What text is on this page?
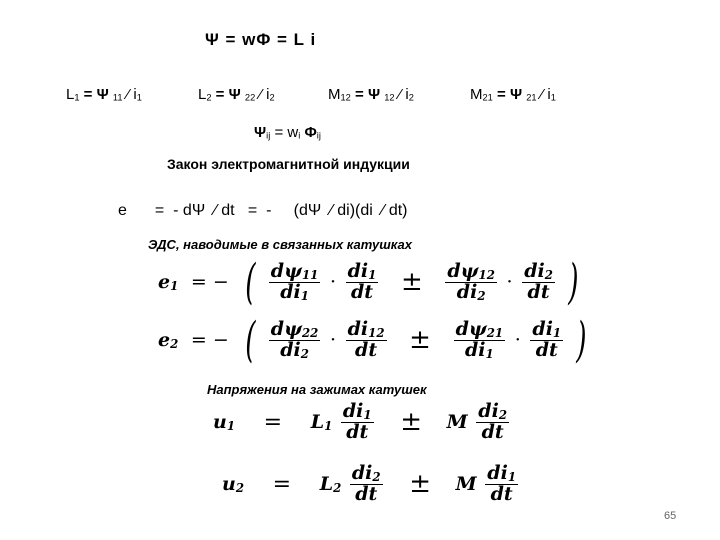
Ψ = wΦ = L i
$L_1 = \Psi$ $_{11}$ ⁄ $i_1$	$L_2 = \Psi$ $_{22}$ ⁄ $i_2$	$M_{12} = \Psi$ $_{12}$ ⁄ $i_2$	$M_{21} = \Psi$ $_{21}$ ⁄ $i_1$
$\Psi_{ij} = w_i$ $\Phi_{ij}$
Закон электромагнитной индукции
e =  - dΨ  ⁄ dt   =  -     (dΨ  ⁄ di)(di  ⁄ dt)
ЭДС, наводимые в связанных катушках
$e_1$ = − ( $\frac{d\psi_{11}}{di_1} \cdot \frac{di_1}{dt} \pm \frac{d\psi_{12}}{di_2} \cdot \frac{di_2}{dt}$ )
$e_2$ = − ( $\frac{d\psi_{22}}{di_2} \cdot \frac{di_{12}}{dt} \pm \frac{d\psi_{21}}{di_1} \cdot \frac{di_1}{dt}$ )
Напряжения на зажимах катушек
$u_1 = L_1 \frac{di_1}{dt} \pm M \frac{di_2}{dt}$
$u_2 = L_2 \frac{di_2}{dt} \pm M \frac{di_1}{dt}$
65
